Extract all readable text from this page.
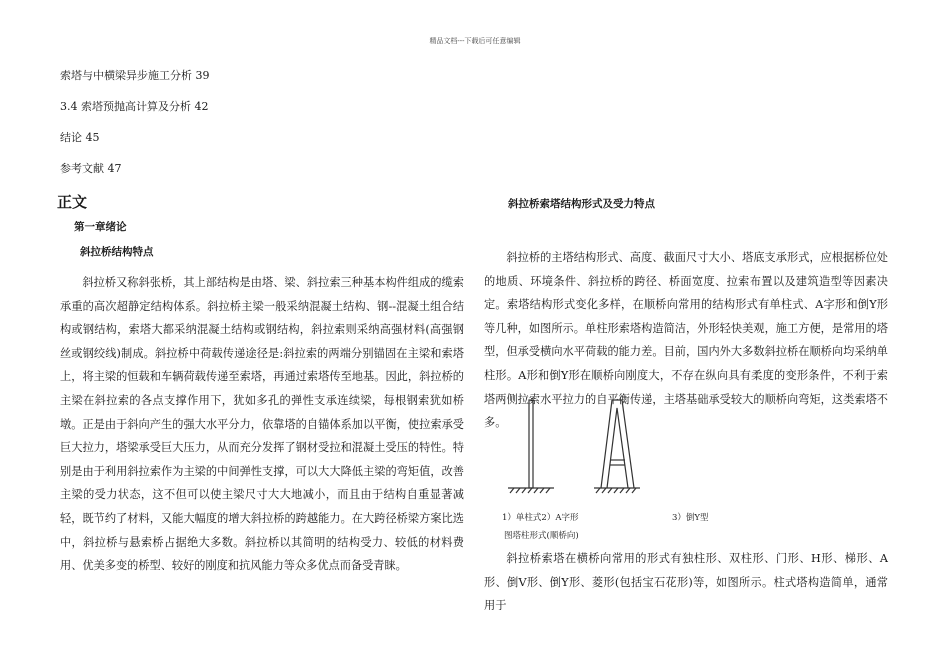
精品文档---下载后可任意编辑
索塔与中横梁异步施工分析 39
3.4 索塔预抛高计算及分析 42
结论 45
参考文献 47
正文
第一章绪论
斜拉桥结构特点

斜拉桥又称斜张桥，其上部结构是由塔、梁、斜拉索三种基本构件组成的缆索承重的高次超静定结构体系。斜拉桥主梁一般采纳混凝土结构、钢--混凝土组合结构或钢结构，索塔大都采纳混凝土结构或钢结构，斜拉索则采纳高强材料(高强钢丝或钢绞线)制成。斜拉桥中荷载传递途径是:斜拉索的两端分别锚固在主梁和索塔上，将主梁的恒载和车辆荷载传递至索塔，再通过索塔传至地基。因此，斜拉桥的主梁在斜拉索的各点支撑作用下，犹如多孔的弹性支承连续梁，每根钢索犹如桥墩。正是由于斜向产生的强大水平分力，依靠塔的自锚体系加以平衡，使拉索承受巨大拉力，塔梁承受巨大压力，从而充分发挥了钢材受拉和混凝土受压的特性。特别是由于利用斜拉索作为主梁的中间弹性支撑，可以大大降低主梁的弯矩值，改善主梁的受力状态，这不但可以使主梁尺寸大大地减小，而且由于结构自重显著减轻，既节约了材料，又能大幅度的增大斜拉桥的跨越能力。在大跨径桥梁方案比选中，斜拉桥与悬索桥占据绝大多数。斜拉桥以其简明的结构受力、较低的材料费用、优美多变的桥型、较好的刚度和抗风能力等众多优点而备受青睐。

斜拉桥索塔结构形式及受力特点

斜拉桥的主塔结构形式、高度、截面尺寸大小、塔底支承形式，应根据桥位处的地质、环境条件、斜拉桥的跨径、桥面宽度、拉索布置以及建筑造型等因素决定。索塔结构形式变化多样，在顺桥向常用的结构形式有单柱式、A字形和倒Y形等几种，如图所示。单柱形索塔构造简洁，外形轻快美观，施工方便，是常用的塔型，但承受横向水平荷载的能力差。目前，国内外大多数斜拉桥在顺桥向均采纳单柱形。A形和倒Y形在顺桥向刚度大，不存在纵向具有柔度的变形条件，不利于索塔两侧拉索水平拉力的自平衡传递，主塔基础承受较大的顺桥向弯矩，这类索塔不多。

1）单柱式2）A字形	3）倒Y型
图塔柱形式(顺桥向)

斜拉桥索塔在横桥向常用的形式有独柱形、双柱形、门形、H形、梯形、A形、倒V形、倒Y形、菱形(包括宝石花形)等，如图所示。柱式塔构造简单，通常用于
